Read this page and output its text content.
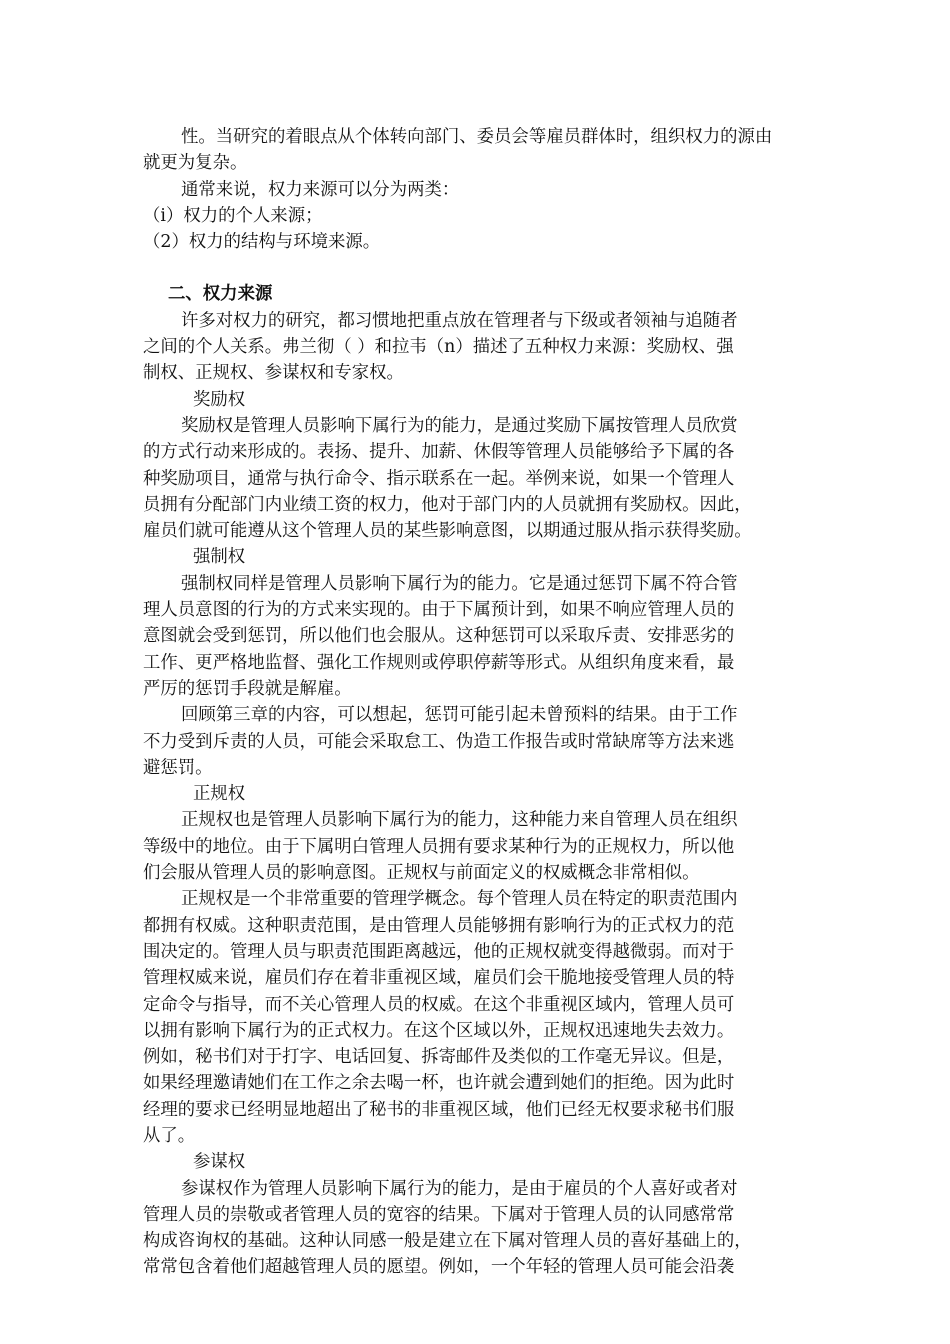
性。当研究的着眼点从个体转向部门、委员会等雇员群体时，组织权力的源由
就更为复杂。
通常来说，权力来源可以分为两类：
（i）权力的个人来源；
（2）权力的结构与环境来源。
二、权力来源
许多对权力的研究，都习惯地把重点放在管理者与下级或者领袖与追随者
之间的个人关系。弗兰彻（ ）和拉韦（n）描述了五种权力来源：奖励权、强
制权、正规权、参谋权和专家权。
奖励权
奖励权是管理人员影响下属行为的能力，是通过奖励下属按管理人员欣赏
的方式行动来形成的。表扬、提升、加薪、休假等管理人员能够给予下属的各
种奖励项目，通常与执行命令、指示联系在一起。举例来说，如果一个管理人
员拥有分配部门内业绩工资的权力，他对于部门内的人员就拥有奖励权。因此，
雇员们就可能遵从这个管理人员的某些影响意图，以期通过服从指示获得奖励。
强制权
强制权同样是管理人员影响下属行为的能力。它是通过惩罚下属不符合管
理人员意图的行为的方式来实现的。由于下属预计到，如果不响应管理人员的
意图就会受到惩罚，所以他们也会服从。这种惩罚可以采取斥责、安排恶劣的
工作、更严格地监督、强化工作规则或停职停薪等形式。从组织角度来看，最
严厉的惩罚手段就是解雇。
回顾第三章的内容，可以想起，惩罚可能引起未曾预料的结果。由于工作
不力受到斥责的人员，可能会采取怠工、伪造工作报告或时常缺席等方法来逃
避惩罚。
正规权
正规权也是管理人员影响下属行为的能力，这种能力来自管理人员在组织
等级中的地位。由于下属明白管理人员拥有要求某种行为的正规权力，所以他
们会服从管理人员的影响意图。正规权与前面定义的权威概念非常相似。
正规权是一个非常重要的管理学概念。每个管理人员在特定的职责范围内
都拥有权威。这种职责范围，是由管理人员能够拥有影响行为的正式权力的范
围决定的。管理人员与职责范围距离越远，他的正规权就变得越微弱。而对于
管理权威来说，雇员们存在着非重视区域，雇员们会干脆地接受管理人员的特
定命令与指导，而不关心管理人员的权威。在这个非重视区域内，管理人员可
以拥有影响下属行为的正式权力。在这个区域以外，正规权迅速地失去效力。
例如，秘书们对于打字、电话回复、拆寄邮件及类似的工作毫无异议。但是，
如果经理邀请她们在工作之余去喝一杯，也许就会遭到她们的拒绝。因为此时
经理的要求已经明显地超出了秘书的非重视区域，他们已经无权要求秘书们服
从了。
参谋权
参谋权作为管理人员影响下属行为的能力，是由于雇员的个人喜好或者对
管理人员的崇敬或者管理人员的宽容的结果。下属对于管理人员的认同感常常
构成咨询权的基础。这种认同感一般是建立在下属对管理人员的喜好基础上的，
常常包含着他们超越管理人员的愿望。例如，一个年轻的管理人员可能会沿袭
